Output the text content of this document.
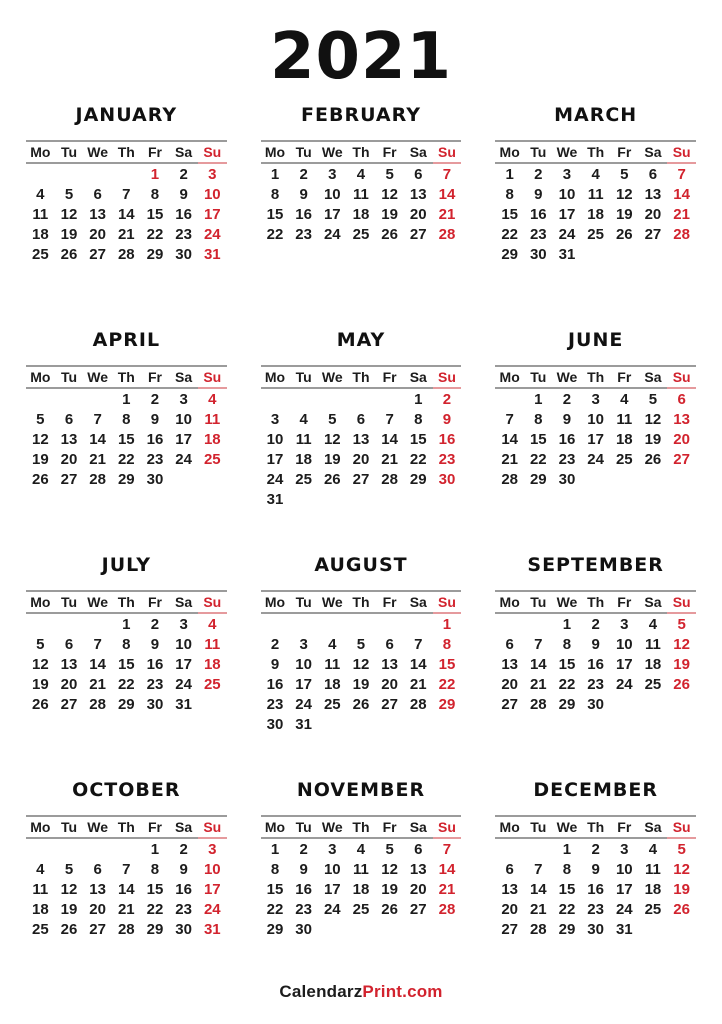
2021
JANUARY
Mo	Tu	We	Th	Fr	Sa	Su
				1	2	3
4	5	6	7	8	9	10
11	12	13	14	15	16	17
18	19	20	21	22	23	24
25	26	27	28	29	30	31
FEBRUARY
Mo	Tu	We	Th	Fr	Sa	Su
1	2	3	4	5	6	7
8	9	10	11	12	13	14
15	16	17	18	19	20	21
22	23	24	25	26	27	28
MARCH
Mo	Tu	We	Th	Fr	Sa	Su
1	2	3	4	5	6	7
8	9	10	11	12	13	14
15	16	17	18	19	20	21
22	23	24	25	26	27	28
29	30	31				
APRIL
Mo	Tu	We	Th	Fr	Sa	Su
			1	2	3	4
5	6	7	8	9	10	11
12	13	14	15	16	17	18
19	20	21	22	23	24	25
26	27	28	29	30		
MAY
Mo	Tu	We	Th	Fr	Sa	Su
					1	2
3	4	5	6	7	8	9
10	11	12	13	14	15	16
17	18	19	20	21	22	23
24	25	26	27	28	29	30
31						
JUNE
Mo	Tu	We	Th	Fr	Sa	Su
	1	2	3	4	5	6
7	8	9	10	11	12	13
14	15	16	17	18	19	20
21	22	23	24	25	26	27
28	29	30				
JULY
Mo	Tu	We	Th	Fr	Sa	Su
			1	2	3	4
5	6	7	8	9	10	11
12	13	14	15	16	17	18
19	20	21	22	23	24	25
26	27	28	29	30	31	
AUGUST
Mo	Tu	We	Th	Fr	Sa	Su
						1
2	3	4	5	6	7	8
9	10	11	12	13	14	15
16	17	18	19	20	21	22
23	24	25	26	27	28	29
30	31					
SEPTEMBER
Mo	Tu	We	Th	Fr	Sa	Su
		1	2	3	4	5
6	7	8	9	10	11	12
13	14	15	16	17	18	19
20	21	22	23	24	25	26
27	28	29	30			
OCTOBER
Mo	Tu	We	Th	Fr	Sa	Su
				1	2	3
4	5	6	7	8	9	10
11	12	13	14	15	16	17
18	19	20	21	22	23	24
25	26	27	28	29	30	31
NOVEMBER
Mo	Tu	We	Th	Fr	Sa	Su
1	2	3	4	5	6	7
8	9	10	11	12	13	14
15	16	17	18	19	20	21
22	23	24	25	26	27	28
29	30					
DECEMBER
Mo	Tu	We	Th	Fr	Sa	Su
		1	2	3	4	5
6	7	8	9	10	11	12
13	14	15	16	17	18	19
20	21	22	23	24	25	26
27	28	29	30	31		
CalendarzPrint.com
